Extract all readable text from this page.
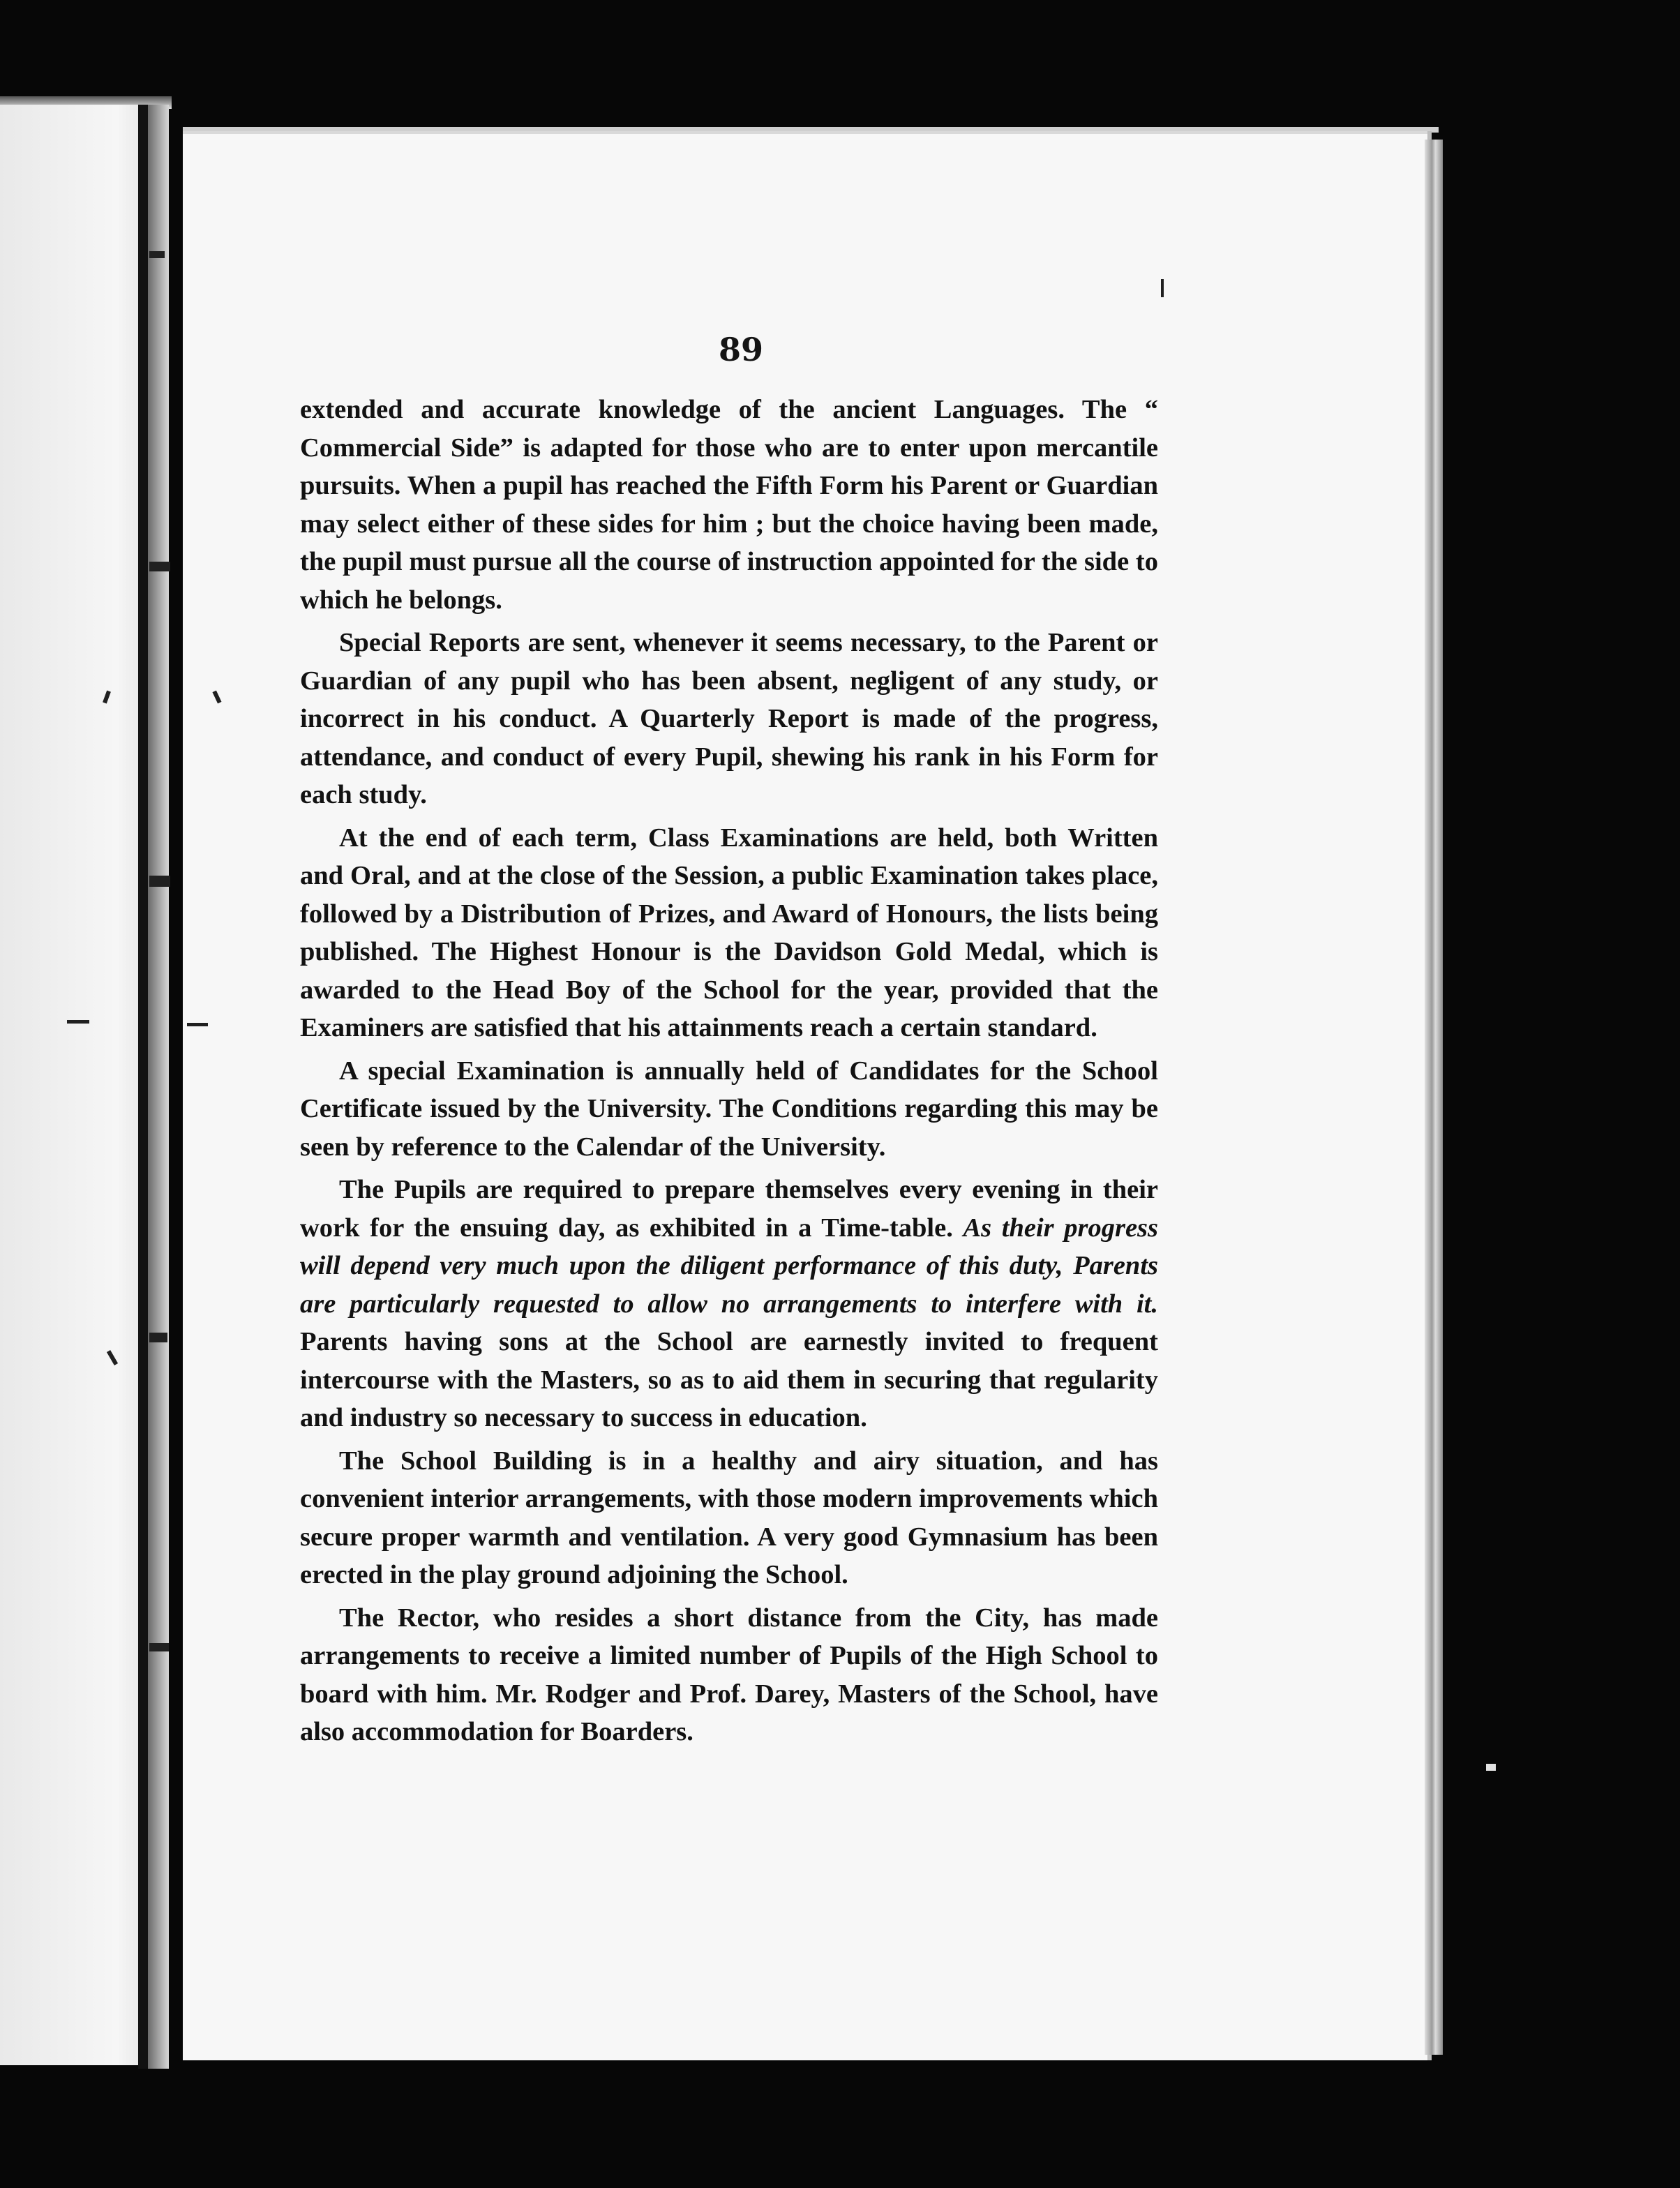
89

extended and accurate knowledge of the ancient Languages. The “ Commercial Side” is adapted for those who are to enter upon mercantile pursuits. When a pupil has reached the Fifth Form his Parent or Guardian may select either of these sides for him ; but the choice having been made, the pupil must pursue all the course of instruction appointed for the side to which he belongs.

Special Reports are sent, whenever it seems necessary, to the Parent or Guardian of any pupil who has been absent, negligent of any study, or incorrect in his conduct. A Quarterly Report is made of the progress, attendance, and conduct of every Pupil, shewing his rank in his Form for each study.

At the end of each term, Class Examinations are held, both Written and Oral, and at the close of the Session, a public Examination takes place, followed by a Distribution of Prizes, and Award of Honours, the lists being published. The Highest Honour is the Davidson Gold Medal, which is awarded to the Head Boy of the School for the year, provided that the Examiners are satisfied that his attainments reach a certain standard.

A special Examination is annually held of Candidates for the School Certificate issued by the University. The Conditions regarding this may be seen by reference to the Calendar of the University.

The Pupils are required to prepare themselves every evening in their work for the ensuing day, as exhibited in a Time-table. As their progress will depend very much upon the diligent performance of this duty, Parents are particularly requested to allow no arrangements to interfere with it. Parents having sons at the School are earnestly invited to frequent intercourse with the Masters, so as to aid them in securing that regularity and industry so necessary to success in education.

The School Building is in a healthy and airy situation, and has convenient interior arrangements, with those modern improvements which secure proper warmth and ventilation. A very good Gymnasium has been erected in the play ground adjoining the School.

The Rector, who resides a short distance from the City, has made arrangements to receive a limited number of Pupils of the High School to board with him. Mr. Rodger and Prof. Darey, Masters of the School, have also accommodation for Boarders.
